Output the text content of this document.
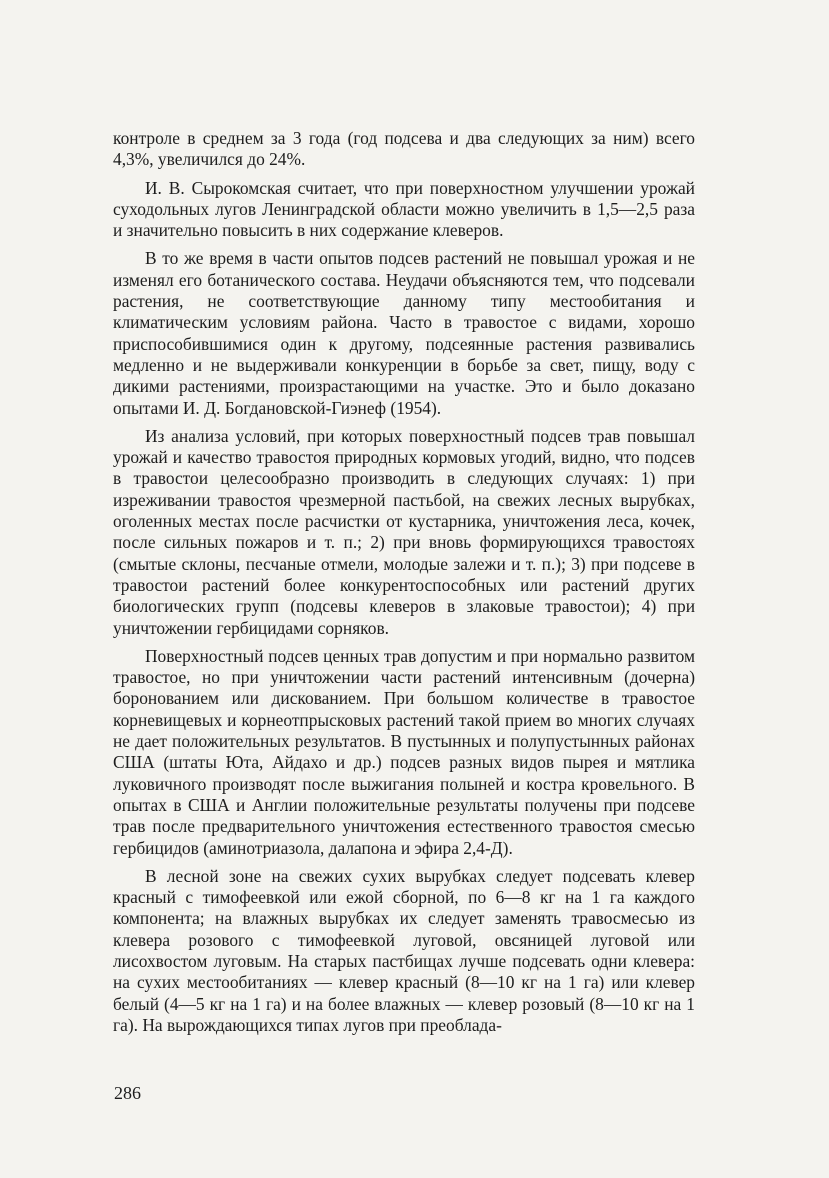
контроле в среднем за 3 года (год подсева и два следующих за ним) всего 4,3%, увеличился до 24%.

И. В. Сырокомская считает, что при поверхностном улучшении урожай суходольных лугов Ленинградской области можно увеличить в 1,5—2,5 раза и значительно повысить в них содержание клеверов.

В то же время в части опытов подсев растений не повышал урожая и не изменял его ботанического состава. Неудачи объясняются тем, что подсевали растения, не соответствующие данному типу местообитания и климатическим условиям района. Часто в травостое с видами, хорошо приспособившимися один к другому, подсеянные растения развивались медленно и не выдерживали конкуренции в борьбе за свет, пищу, воду с дикими растениями, произрастающими на участке. Это и было доказано опытами И. Д. Богдановской-Гиэнеф (1954).

Из анализа условий, при которых поверхностный подсев трав повышал урожай и качество травостоя природных кормовых угодий, видно, что подсев в травостои целесообразно производить в следующих случаях: 1) при изреживании травостоя чрезмерной пастьбой, на свежих лесных вырубках, оголенных местах после расчистки от кустарника, уничтожения леса, кочек, после сильных пожаров и т. п.; 2) при вновь формирующихся травостоях (смытые склоны, песчаные отмели, молодые залежи и т. п.); 3) при подсеве в травостои растений более конкурентоспособных или растений других биологических групп (подсевы клеверов в злаковые травостои); 4) при уничтожении гербицидами сорняков.

Поверхностный подсев ценных трав допустим и при нормально развитом травостое, но при уничтожении части растений интенсивным (дочерна) боронованием или дискованием. При большом количестве в травостое корневищевых и корнеотпрысковых растений такой прием во многих случаях не дает положительных результатов. В пустынных и полупустынных районах США (штаты Юта, Айдахо и др.) подсев разных видов пырея и мятлика луковичного производят после выжигания полыней и костра кровельного. В опытах в США и Англии положительные результаты получены при подсеве трав после предварительного уничтожения естественного травостоя смесью гербицидов (аминотриазола, далапона и эфира 2,4-Д).

В лесной зоне на свежих сухих вырубках следует подсевать клевер красный с тимофеевкой или ежой сборной, по 6—8 кг на 1 га каждого компонента; на влажных вырубках их следует заменять травосмесью из клевера розового с тимофеевкой луговой, овсяницей луговой или лисохвостом луговым. На старых пастбищах лучше подсевать одни клевера: на сухих местообитаниях — клевер красный (8—10 кг на 1 га) или клевер белый (4—5 кг на 1 га) и на более влажных — клевер розовый (8—10 кг на 1 га). На вырождающихся типах лугов при преоблада-

286
